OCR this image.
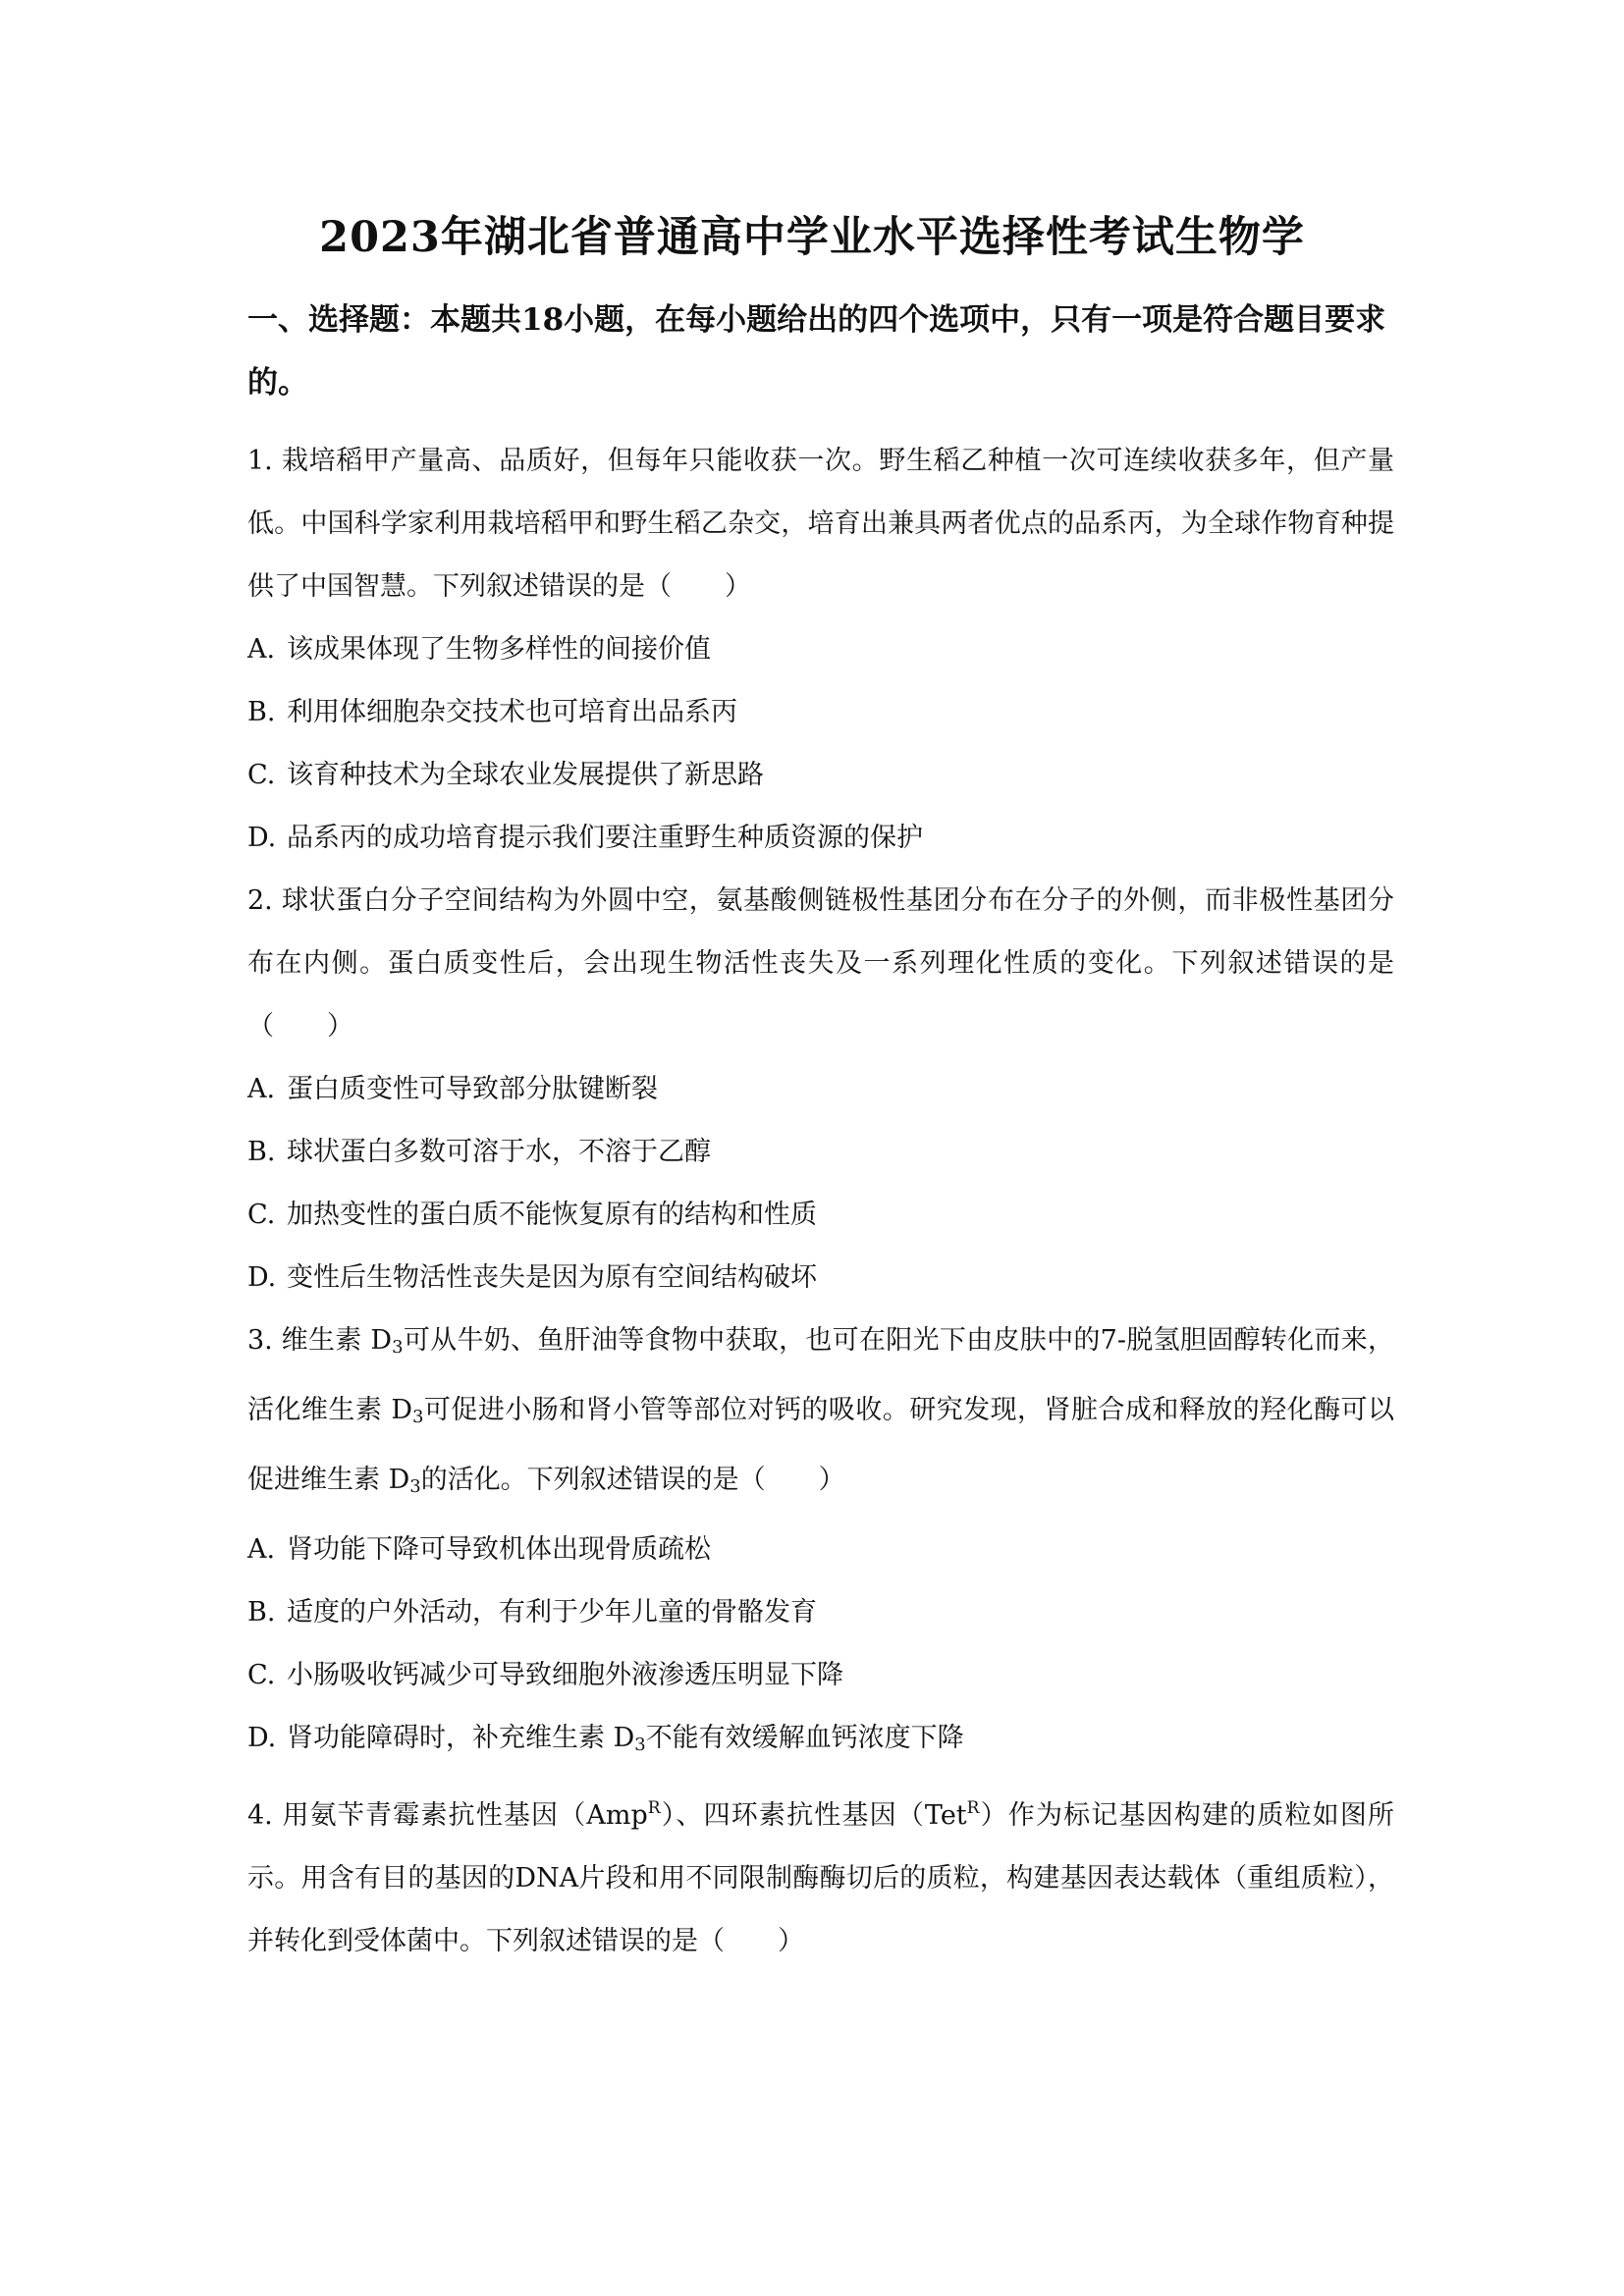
2023年湖北省普通高中学业水平选择性考试生物学
一、选择题：本题共18小题，在每小题给出的四个选项中，只有一项是符合题目要求的。

1. 栽培稻甲产量高、品质好，但每年只能收获一次。野生稻乙种植一次可连续收获多年，但产量低。中国科学家利用栽培稻甲和野生稻乙杂交，培育出兼具两者优点的品系丙，为全球作物育种提供了中国智慧。下列叙述错误的是（　　）

A. 该成果体现了生物多样性的间接价值

B. 利用体细胞杂交技术也可培育出品系丙

C. 该育种技术为全球农业发展提供了新思路

D. 品系丙的成功培育提示我们要注重野生种质资源的保护

2. 球状蛋白分子空间结构为外圆中空，氨基酸侧链极性基团分布在分子的外侧，而非极性基团分布在内侧。蛋白质变性后，会出现生物活性丧失及一系列理化性质的变化。下列叙述错误的是（　　）

A. 蛋白质变性可导致部分肽键断裂

B. 球状蛋白多数可溶于水，不溶于乙醇

C. 加热变性的蛋白质不能恢复原有的结构和性质

D. 变性后生物活性丧失是因为原有空间结构破坏

3. 维生素 $D_3$可从牛奶、鱼肝油等食物中获取，也可在阳光下由皮肤中的7-脱氢胆固醇转化而来，活化维生素 $D_3$可促进小肠和肾小管等部位对钙的吸收。研究发现，肾脏合成和释放的羟化酶可以促进维生素 $D_3$的活化。下列叙述错误的是（　　）

A. 肾功能下降可导致机体出现骨质疏松

B. 适度的户外活动，有利于少年儿童的骨骼发育

C. 小肠吸收钙减少可导致细胞外液渗透压明显下降

D. 肾功能障碍时，补充维生素 $D_3$不能有效缓解血钙浓度下降

4. 用氨苄青霉素抗性基因（Amp$^R$）、四环素抗性基因（Tet$^R$）作为标记基因构建的质粒如图所示。用含有目的基因的DNA片段和用不同限制酶酶切后的质粒，构建基因表达载体（重组质粒），并转化到受体菌中。下列叙述错误的是（　　）
